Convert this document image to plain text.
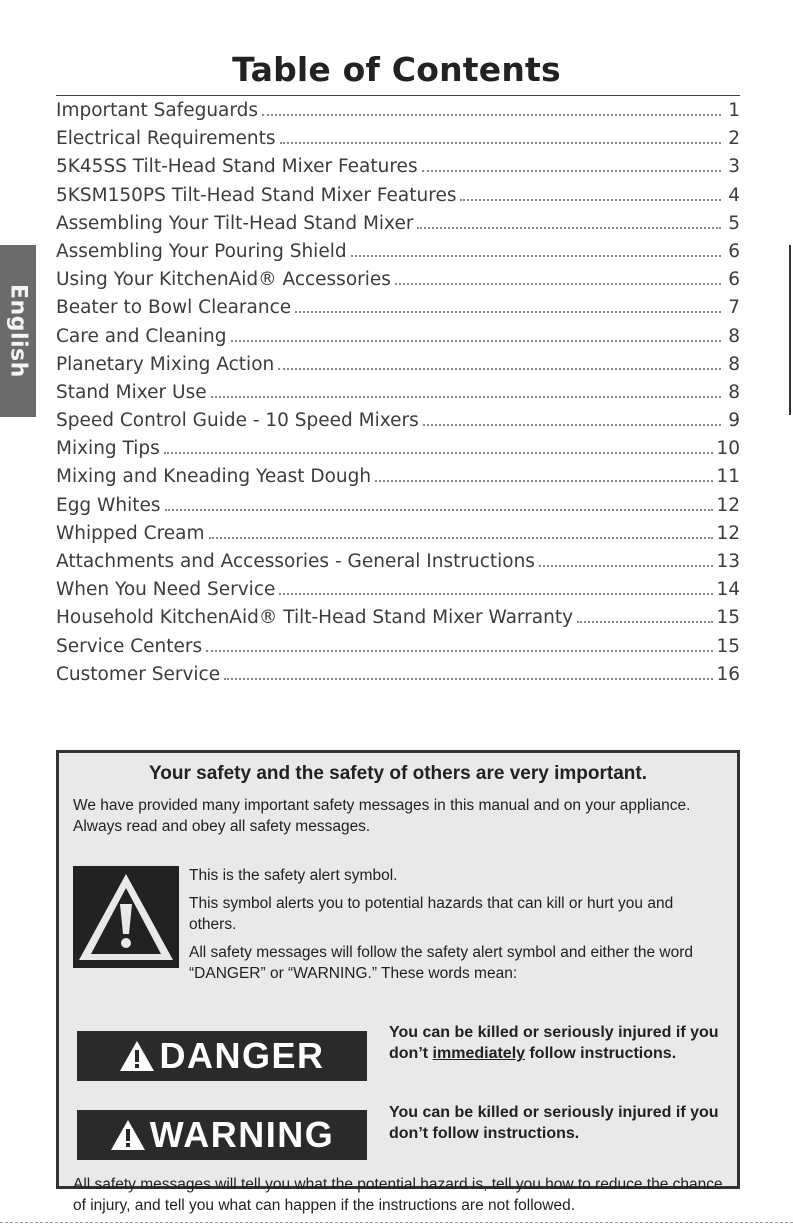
Table of Contents
English
Important Safeguards	1
Electrical Requirements	2
5K45SS Tilt-Head Stand Mixer Features	3
5KSM150PS Tilt-Head Stand Mixer Features	4
Assembling Your Tilt-Head Stand Mixer	5
Assembling Your Pouring Shield	6
Using Your KitchenAid® Accessories	6
Beater to Bowl Clearance	7
Care and Cleaning	8
Planetary Mixing Action	8
Stand Mixer Use	8
Speed Control Guide - 10 Speed Mixers	9
Mixing Tips	10
Mixing and Kneading Yeast Dough	11
Egg Whites	12
Whipped Cream	12
Attachments and Accessories - General Instructions	13
When You Need Service	14
Household KitchenAid® Tilt-Head Stand Mixer Warranty	15
Service Centers	15
Customer Service	16
Your safety and the safety of others are very important.

We have provided many important safety messages in this manual and on your appliance. Always read and obey all safety messages.

This is the safety alert symbol.

This symbol alerts you to potential hazards that can kill or hurt you and others.

All safety messages will follow the safety alert symbol and either the word “DANGER” or “WARNING.” These words mean:

DANGER
You can be killed or seriously injured if you don’t immediately follow instructions.
WARNING
You can be killed or seriously injured if you don’t follow instructions.

All safety messages will tell you what the potential hazard is, tell you how to reduce the chance of injury, and tell you what can happen if the instructions are not followed.
